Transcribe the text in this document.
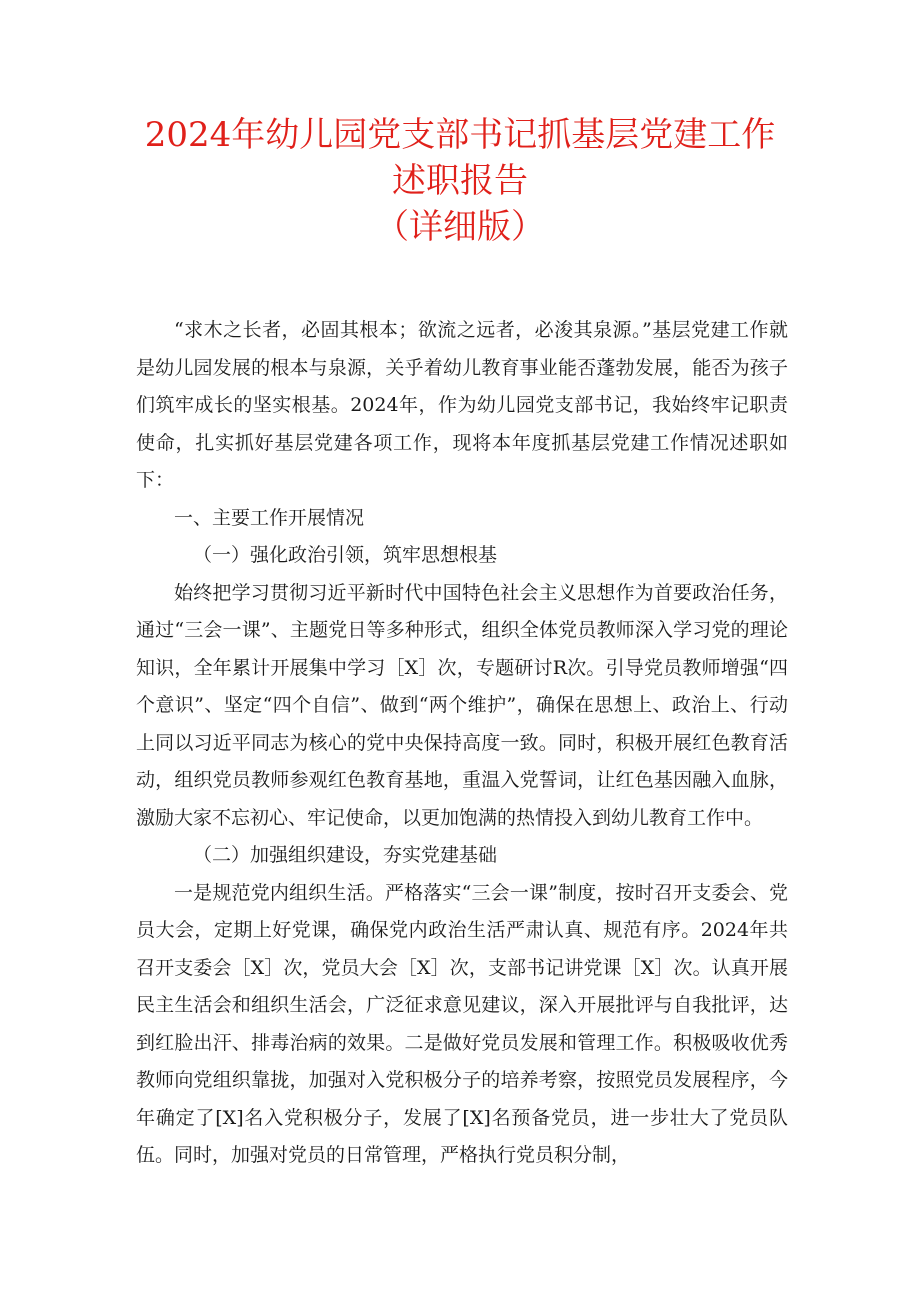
2024年幼儿园党支部书记抓基层党建工作
述职报告
（详细版）

“求木之长者，必固其根本；欲流之远者，必浚其泉源。”基层党建工作就是幼儿园发展的根本与泉源，关乎着幼儿教育事业能否蓬勃发展，能否为孩子们筑牢成长的坚实根基。2024年，作为幼儿园党支部书记，我始终牢记职责使命，扎实抓好基层党建各项工作，现将本年度抓基层党建工作情况述职如下：

一、主要工作开展情况

（一）强化政治引领，筑牢思想根基

始终把学习贯彻习近平新时代中国特色社会主义思想作为首要政治任务，通过“三会一课”、主题党日等多种形式，组织全体党员教师深入学习党的理论知识，全年累计开展集中学习［X］次，专题研讨R次。引导党员教师增强“四个意识”、坚定“四个自信”、做到“两个维护”，确保在思想上、政治上、行动上同以习近平同志为核心的党中央保持高度一致。同时，积极开展红色教育活动，组织党员教师参观红色教育基地，重温入党誓词，让红色基因融入血脉，激励大家不忘初心、牢记使命，以更加饱满的热情投入到幼儿教育工作中。

（二）加强组织建设，夯实党建基础

一是规范党内组织生活。严格落实“三会一课”制度，按时召开支委会、党员大会，定期上好党课，确保党内政治生活严肃认真、规范有序。2024年共召开支委会［X］次，党员大会［X］次，支部书记讲党课［X］次。认真开展民主生活会和组织生活会，广泛征求意见建议，深入开展批评与自我批评，达到红脸出汗、排毒治病的效果。二是做好党员发展和管理工作。积极吸收优秀教师向党组织靠拢，加强对入党积极分子的培养考察，按照党员发展程序，今年确定了[X]名入党积极分子，发展了[X]名预备党员，进一步壮大了党员队伍。同时，加强对党员的日常管理，严格执行党员积分制，
